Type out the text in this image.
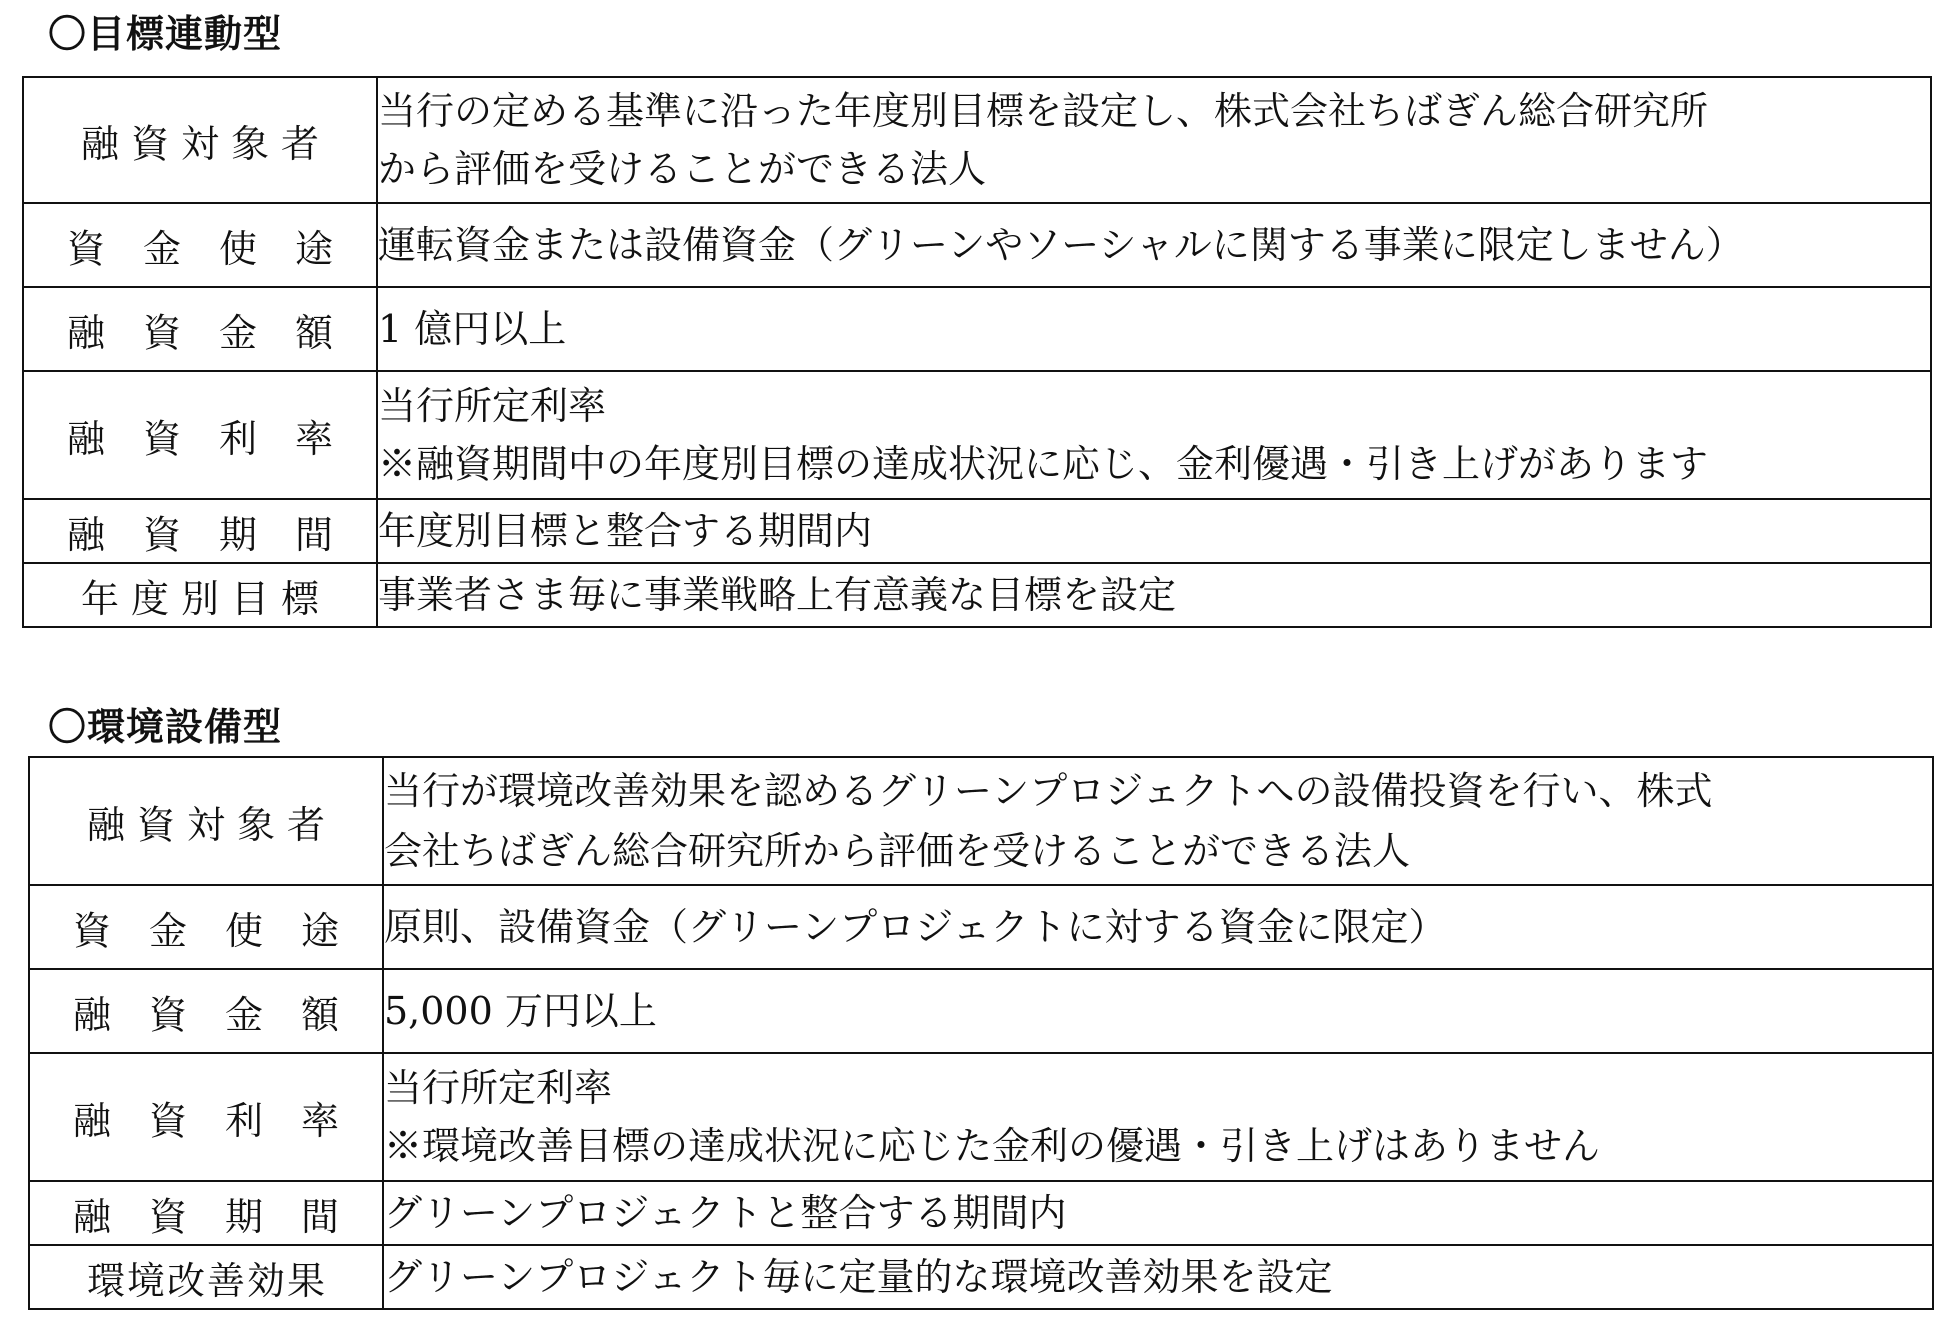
〇目標連動型
融資対象者	当行の定める基準に沿った年度別目標を設定し、株式会社ちばぎん総合研究所
から評価を受けることができる法人

資金使途	運転資金または設備資金（グリーンやソーシャルに関する事業に限定しません）

融資金額	1 億円以上

融資利率	当行所定利率
※融資期間中の年度別目標の達成状況に応じ、金利優遇・引き上げがあります

融資期間	年度別目標と整合する期間内

年度別目標	事業者さま毎に事業戦略上有意義な目標を設定
〇環境設備型
融資対象者	当行が環境改善効果を認めるグリーンプロジェクトへの設備投資を行い、株式
会社ちばぎん総合研究所から評価を受けることができる法人

資金使途	原則、設備資金（グリーンプロジェクトに対する資金に限定）

融資金額	5,000 万円以上

融資利率	当行所定利率
※環境改善目標の達成状況に応じた金利の優遇・引き上げはありません

融資期間	グリーンプロジェクトと整合する期間内

環境改善効果	グリーンプロジェクト毎に定量的な環境改善効果を設定
